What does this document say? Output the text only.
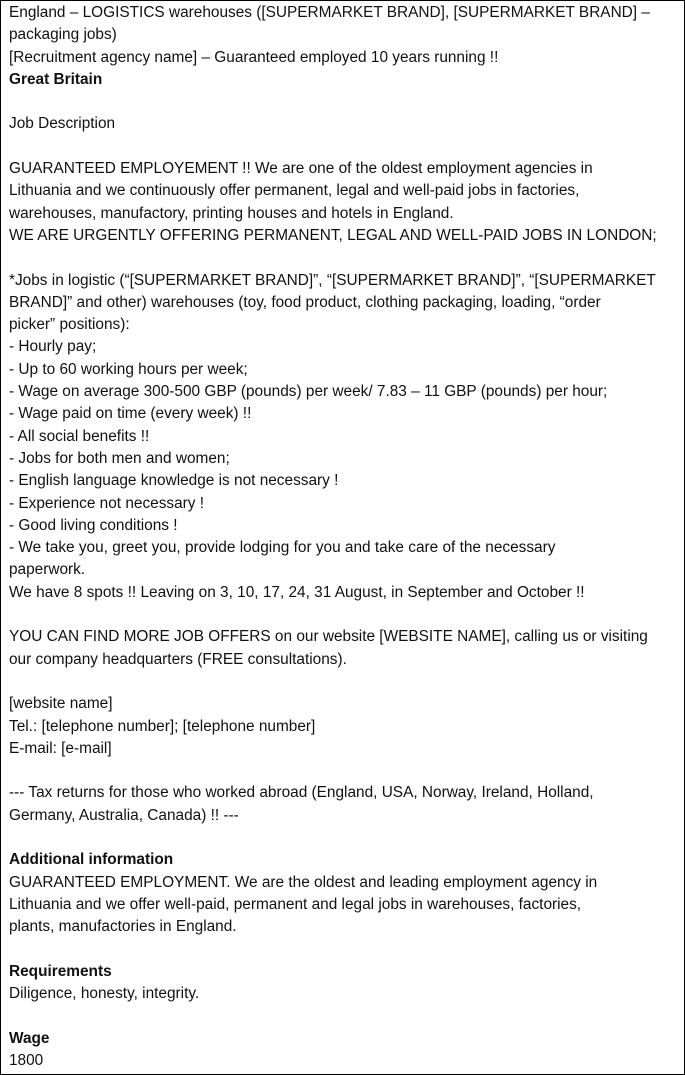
England – LOGISTICS warehouses ([SUPERMARKET BRAND], [SUPERMARKET BRAND] –
packaging jobs)
[Recruitment agency name] – Guaranteed employed 10 years running !!
Great Britain
Job Description
GUARANTEED EMPLOYEMENT !! We are one of the oldest employment agencies in
Lithuania and we continuously offer permanent, legal and well-paid jobs in factories,
warehouses, manufactory, printing houses and hotels in England.
WE ARE URGENTLY OFFERING PERMANENT, LEGAL AND WELL-PAID JOBS IN LONDON;
*Jobs in logistic (“[SUPERMARKET BRAND]”, “[SUPERMARKET BRAND]”, “[SUPERMARKET
BRAND]” and other) warehouses (toy, food product, clothing packaging, loading, “order
picker” positions):
- Hourly pay;
- Up to 60 working hours per week;
- Wage on average 300-500 GBP (pounds) per week/ 7.83 – 11 GBP (pounds) per hour;
- Wage paid on time (every week) !!
- All social benefits !!
- Jobs for both men and women;
- English language knowledge is not necessary !
- Experience not necessary !
- Good living conditions !
- We take you, greet you, provide lodging for you and take care of the necessary
paperwork.
We have 8 spots !! Leaving on 3, 10, 17, 24, 31 August, in September and October !!
YOU CAN FIND MORE JOB OFFERS on our website [WEBSITE NAME], calling us or visiting
our company headquarters (FREE consultations).
[website name]
Tel.: [telephone number]; [telephone number]
E-mail: [e-mail]
--- Tax returns for those who worked abroad (England, USA, Norway, Ireland, Holland,
Germany, Australia, Canada) !! ---
Additional information
GUARANTEED EMPLOYMENT. We are the oldest and leading employment agency in
Lithuania and we offer well-paid, permanent and legal jobs in warehouses, factories,
plants, manufactories in England.
Requirements
Diligence, honesty, integrity.
Wage
1800
